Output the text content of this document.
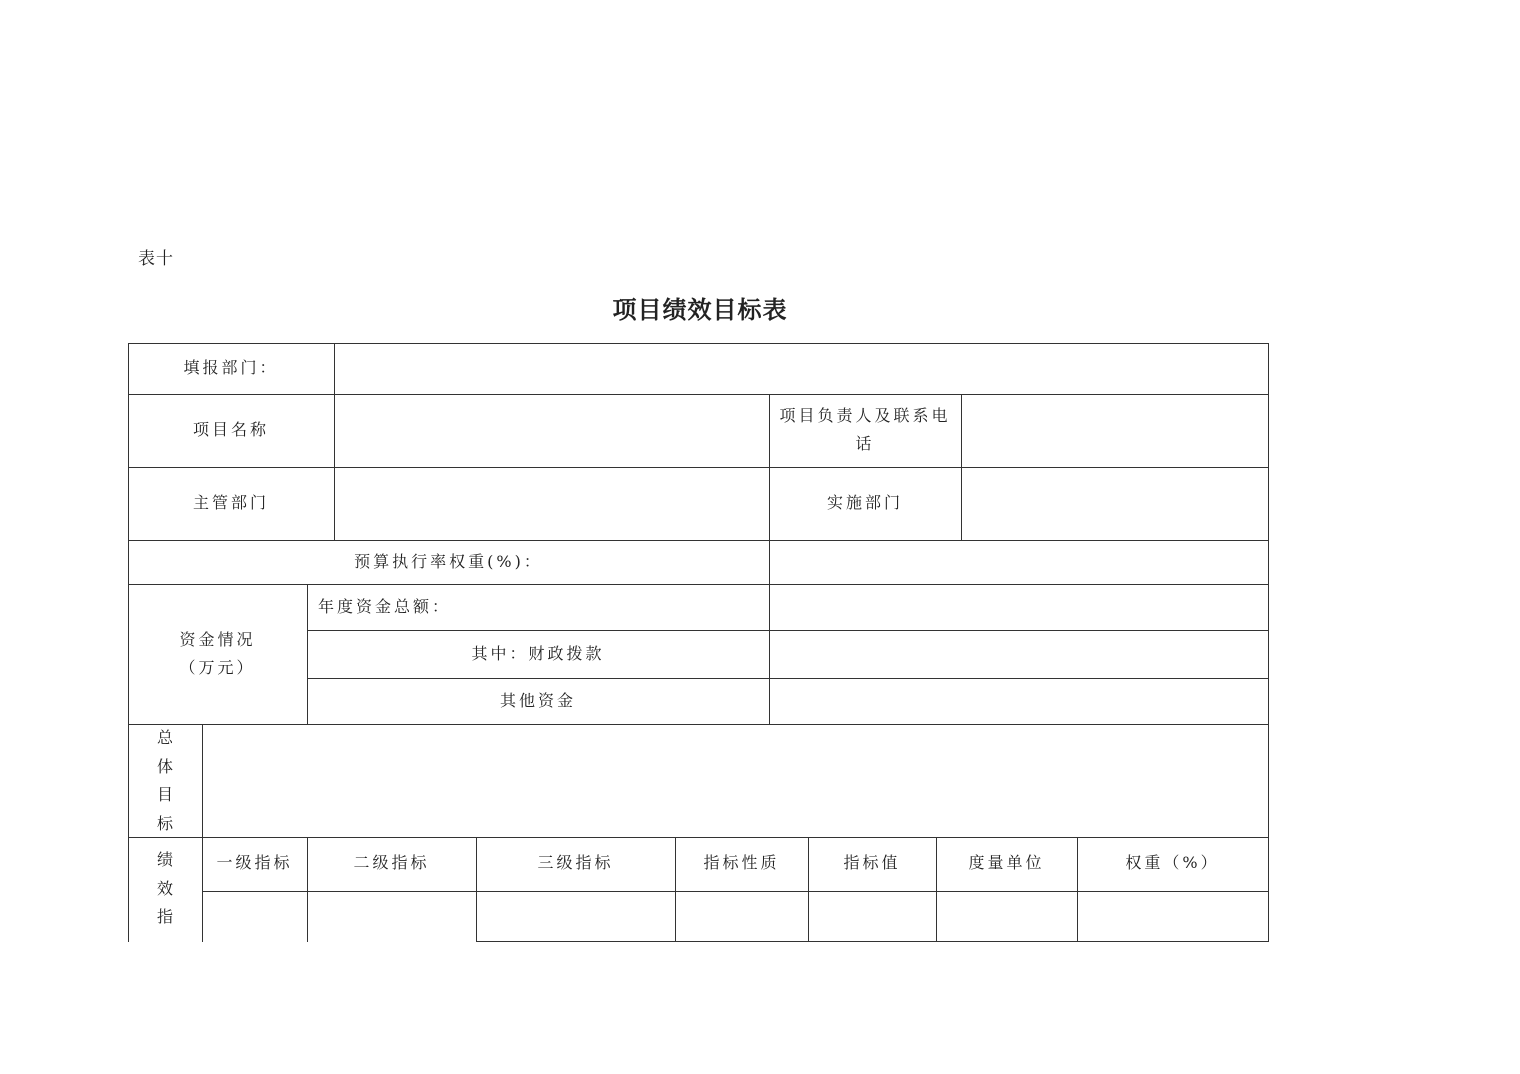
表十
项目绩效目标表
填报部门：
项目名称
项目负责人及联系电
话
主管部门	实施部门
预算执行率权重(%)：
资金情况
（万元）
年度资金总额：
其中：财政拨款
其他资金
总
体
目
标
绩
效
指
一级指标	二级指标	三级指标	指标性质	指标值	度量单位	权重（%）
